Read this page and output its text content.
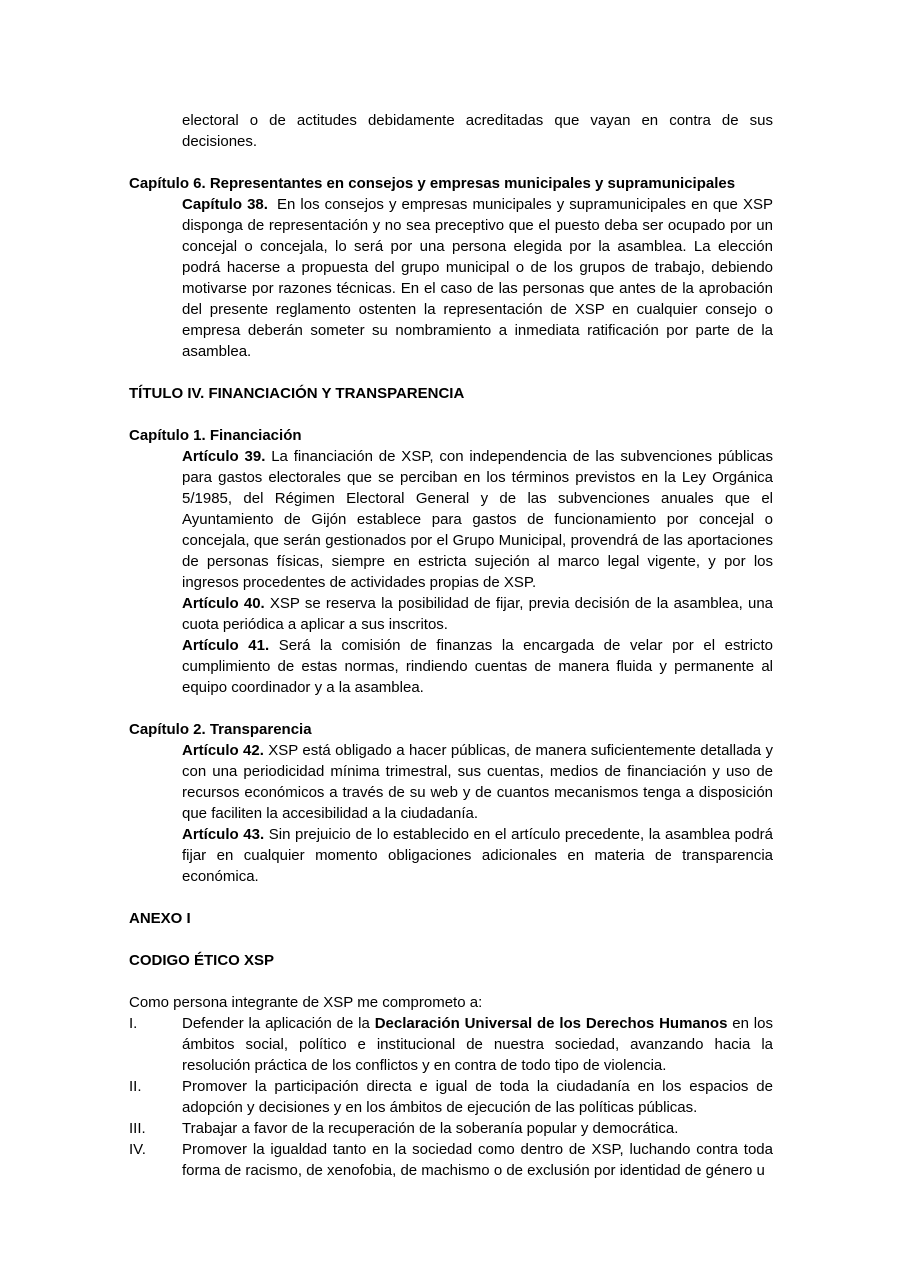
electoral o de actitudes debidamente acreditadas que vayan en contra de sus decisiones.

Capítulo 6. Representantes en consejos y empresas municipales y supramunicipales

Capítulo 38. En los consejos y empresas municipales y supramunicipales en que XSP disponga de representación y no sea preceptivo que el puesto deba ser ocupado por un concejal o concejala, lo será por una persona elegida por la asamblea. La elección podrá hacerse a propuesta del grupo municipal o de los grupos de trabajo, debiendo motivarse por razones técnicas. En el caso de las personas que antes de la aprobación del presente reglamento ostenten la representación de XSP en cualquier consejo o empresa deberán someter su nombramiento a inmediata ratificación por parte de la asamblea.

TÍTULO IV. FINANCIACIÓN Y TRANSPARENCIA
Capítulo 1. Financiación

Artículo 39. La financiación de XSP, con independencia de las subvenciones públicas para gastos electorales que se perciban en los términos previstos en la Ley Orgánica 5/1985, del Régimen Electoral General y de las subvenciones anuales que el Ayuntamiento de Gijón establece para gastos de funcionamiento por concejal o concejala, que serán gestionados por el Grupo Municipal, provendrá de las aportaciones de personas físicas, siempre en estricta sujeción al marco legal vigente, y por los ingresos procedentes de actividades propias de XSP.

Artículo 40. XSP se reserva la posibilidad de fijar, previa decisión de la asamblea, una cuota periódica a aplicar a sus inscritos.

Artículo 41. Será la comisión de finanzas la encargada de velar por el estricto cumplimiento de estas normas, rindiendo cuentas de manera fluida y permanente al equipo coordinador y a la asamblea.

Capítulo 2. Transparencia

Artículo 42. XSP está obligado a hacer públicas, de manera suficientemente detallada y con una periodicidad mínima trimestral, sus cuentas, medios de financiación y uso de recursos económicos a través de su web y de cuantos mecanismos tenga a disposición que faciliten la accesibilidad a la ciudadanía.

Artículo 43. Sin prejuicio de lo establecido en el artículo precedente, la asamblea podrá fijar en cualquier momento obligaciones adicionales en materia de transparencia económica.

ANEXO I
CODIGO ÉTICO XSP

Como persona integrante de XSP me comprometo a:

I.	Defender la aplicación de la Declaración Universal de los Derechos Humanos en los ámbitos social, político e institucional de nuestra sociedad, avanzando hacia la resolución práctica de los conflictos y en contra de todo tipo de violencia.
II.	Promover la participación directa e igual de toda la ciudadanía en los espacios de adopción y decisiones y en los ámbitos de ejecución de las políticas públicas.
III.	Trabajar a favor de la recuperación de la soberanía popular y democrática.
IV.	Promover la igualdad tanto en la sociedad como dentro de XSP, luchando contra toda forma de racismo, de xenofobia, de machismo o de exclusión por identidad de género u
